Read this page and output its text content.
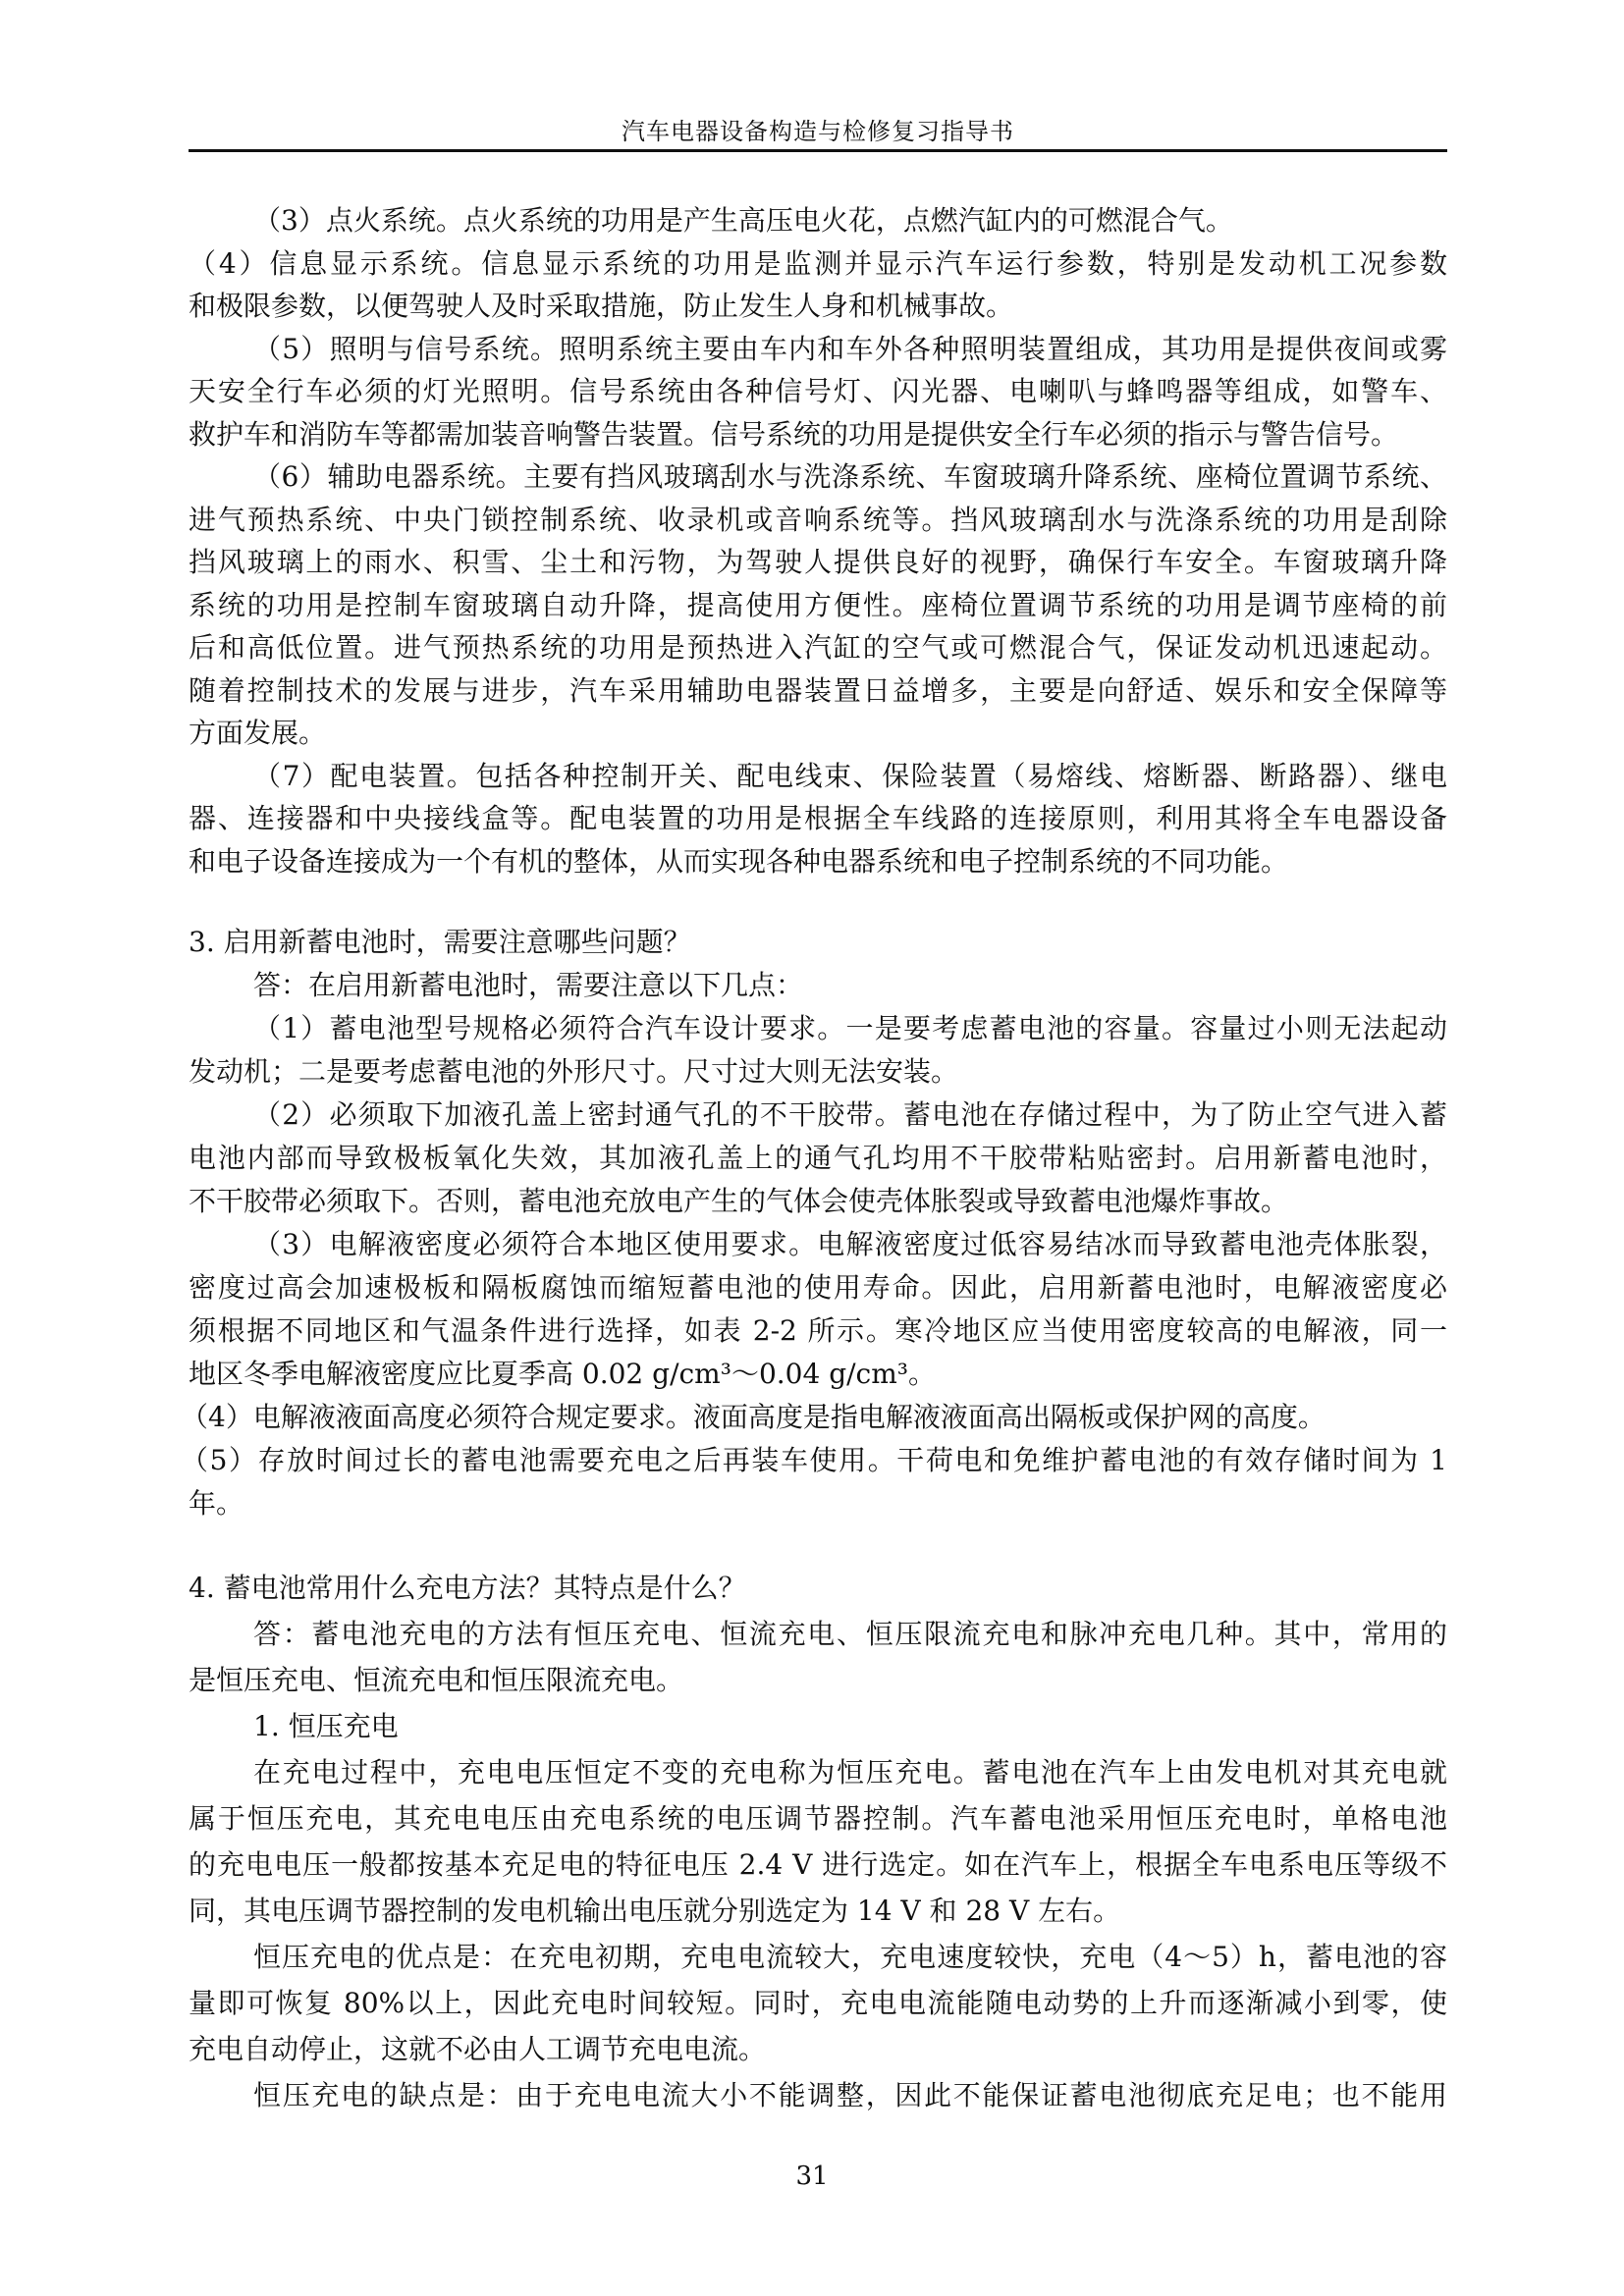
汽车电器设备构造与检修复习指导书
（3）点火系统。点火系统的功用是产生高压电火花，点燃汽缸内的可燃混合气。
（4）信息显示系统。信息显示系统的功用是监测并显示汽车运行参数，特别是发动机工况参数
和极限参数，以便驾驶人及时采取措施，防止发生人身和机械事故。
（5）照明与信号系统。照明系统主要由车内和车外各种照明装置组成，其功用是提供夜间或雾
天安全行车必须的灯光照明。信号系统由各种信号灯、闪光器、电喇叭与蜂鸣器等组成，如警车、
救护车和消防车等都需加装音响警告装置。信号系统的功用是提供安全行车必须的指示与警告信号。
（6）辅助电器系统。主要有挡风玻璃刮水与洗涤系统、车窗玻璃升降系统、座椅位置调节系统、
进气预热系统、中央门锁控制系统、收录机或音响系统等。挡风玻璃刮水与洗涤系统的功用是刮除
挡风玻璃上的雨水、积雪、尘土和污物，为驾驶人提供良好的视野，确保行车安全。车窗玻璃升降
系统的功用是控制车窗玻璃自动升降，提高使用方便性。座椅位置调节系统的功用是调节座椅的前
后和高低位置。进气预热系统的功用是预热进入汽缸的空气或可燃混合气，保证发动机迅速起动。
随着控制技术的发展与进步，汽车采用辅助电器装置日益增多，主要是向舒适、娱乐和安全保障等
方面发展。
（7）配电装置。包括各种控制开关、配电线束、保险装置（易熔线、熔断器、断路器）、继电
器、连接器和中央接线盒等。配电装置的功用是根据全车线路的连接原则，利用其将全车电器设备
和电子设备连接成为一个有机的整体，从而实现各种电器系统和电子控制系统的不同功能。
3. 启用新蓄电池时，需要注意哪些问题？
答：在启用新蓄电池时，需要注意以下几点：
（1）蓄电池型号规格必须符合汽车设计要求。一是要考虑蓄电池的容量。容量过小则无法起动
发动机；二是要考虑蓄电池的外形尺寸。尺寸过大则无法安装。
（2）必须取下加液孔盖上密封通气孔的不干胶带。蓄电池在存储过程中，为了防止空气进入蓄
电池内部而导致极板氧化失效，其加液孔盖上的通气孔均用不干胶带粘贴密封。启用新蓄电池时，
不干胶带必须取下。否则，蓄电池充放电产生的气体会使壳体胀裂或导致蓄电池爆炸事故。
（3）电解液密度必须符合本地区使用要求。电解液密度过低容易结冰而导致蓄电池壳体胀裂，
密度过高会加速极板和隔板腐蚀而缩短蓄电池的使用寿命。因此，启用新蓄电池时，电解液密度必
须根据不同地区和气温条件进行选择，如表 2-2 所示。寒冷地区应当使用密度较高的电解液，同一
地区冬季电解液密度应比夏季高 0.02 g/cm³～0.04 g/cm³。
（4）电解液液面高度必须符合规定要求。液面高度是指电解液液面高出隔板或保护网的高度。
（5）存放时间过长的蓄电池需要充电之后再装车使用。干荷电和免维护蓄电池的有效存储时间为 1
年。
4. 蓄电池常用什么充电方法？其特点是什么？
答：蓄电池充电的方法有恒压充电、恒流充电、恒压限流充电和脉冲充电几种。其中，常用的
是恒压充电、恒流充电和恒压限流充电。
1. 恒压充电
在充电过程中，充电电压恒定不变的充电称为恒压充电。蓄电池在汽车上由发电机对其充电就
属于恒压充电，其充电电压由充电系统的电压调节器控制。汽车蓄电池采用恒压充电时，单格电池
的充电电压一般都按基本充足电的特征电压 2.4 V 进行选定。如在汽车上，根据全车电系电压等级不
同，其电压调节器控制的发电机输出电压就分别选定为 14 V 和 28 V 左右。
恒压充电的优点是：在充电初期，充电电流较大，充电速度较快，充电（4～5）h，蓄电池的容
量即可恢复 80%以上，因此充电时间较短。同时，充电电流能随电动势的上升而逐渐减小到零，使
充电自动停止，这就不必由人工调节充电电流。
恒压充电的缺点是：由于充电电流大小不能调整，因此不能保证蓄电池彻底充足电；也不能用
31
